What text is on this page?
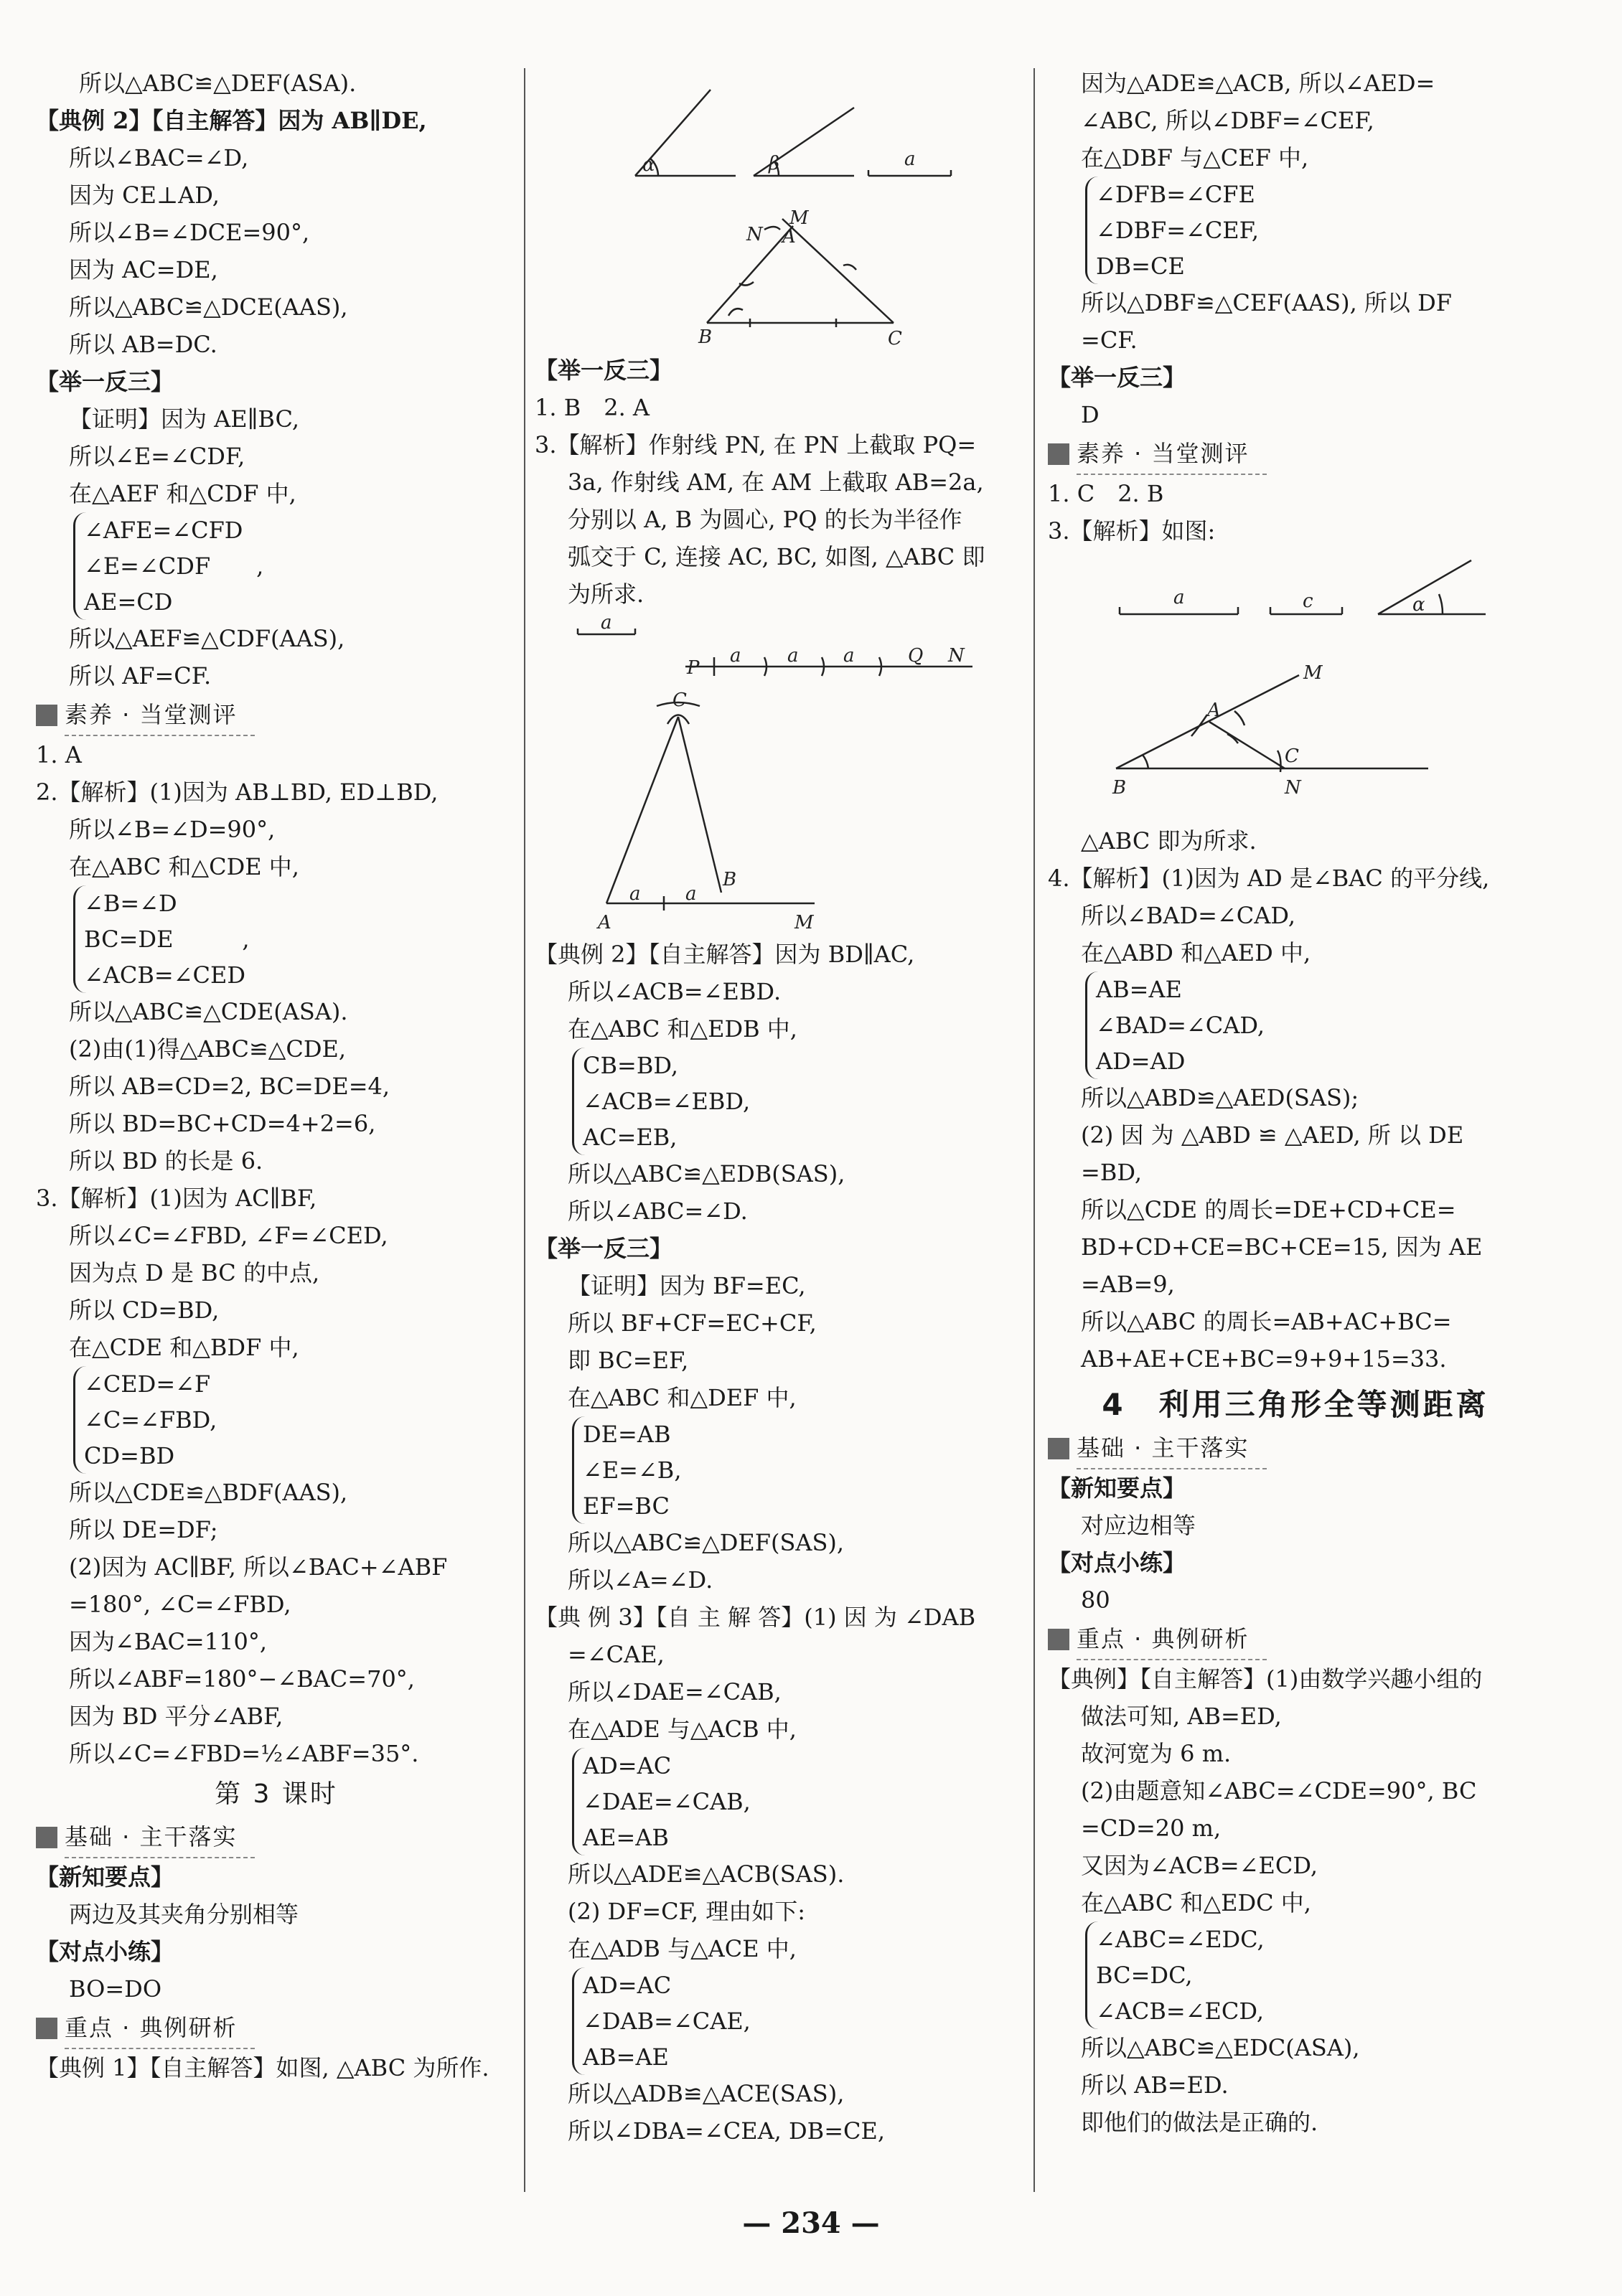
所以△ABC≌△DEF(ASA).
【典例 2】【自主解答】因为 AB∥DE,
所以∠BAC=∠D,
因为 CE⊥AD,
所以∠B=∠DCE=90°,
因为 AC=DE,
所以△ABC≌△DCE(AAS),
所以 AB=DC.
【举一反三】
【证明】因为 AE∥BC,
所以∠E=∠CDF,
在△AEF 和△CDF 中,
∠AFE=∠CFD
∠E=∠CDF　　,
AE=CD
所以△AEF≌△CDF(AAS),
所以 AF=CF.
素养 · 当堂测评
1. A
2.【解析】(1)因为 AB⊥BD, ED⊥BD,
所以∠B=∠D=90°,
在△ABC 和△CDE 中,
∠B=∠D
BC=DE　　　,
∠ACB=∠CED
所以△ABC≌△CDE(ASA).
(2)由(1)得△ABC≌△CDE,
所以 AB=CD=2, BC=DE=4,
所以 BD=BC+CD=4+2=6,
所以 BD 的长是 6.
3.【解析】(1)因为 AC∥BF,
所以∠C=∠FBD, ∠F=∠CED,
因为点 D 是 BC 的中点,
所以 CD=BD,
在△CDE 和△BDF 中,
∠CED=∠F
∠C=∠FBD,
CD=BD
所以△CDE≌△BDF(AAS),
所以 DE=DF;
(2)因为 AC∥BF, 所以∠BAC+∠ABF
=180°, ∠C=∠FBD,
因为∠BAC=110°,
所以∠ABF=180°−∠BAC=70°,
因为 BD 平分∠ABF,
所以∠C=∠FBD=½∠ABF=35°.
第 3 课时
基础 · 主干落实
【新知要点】
两边及其夹角分别相等
【对点小练】
BO=DO
重点 · 典例研析
【典例 1】【自主解答】如图, △ABC 为所作.
α	β	a
M
N A
B	C
【举一反三】
1. B　2. A
3.【解析】作射线 PN, 在 PN 上截取 PQ=
3a, 作射线 AM, 在 AM 上截取 AB=2a,
分别以 A, B 为圆心, PQ 的长为半径作
弧交于 C, 连接 AC, BC, 如图, △ABC 即
为所求.
a
P
a a a	Q N
C
A
a a
B
M
【典例 2】【自主解答】因为 BD∥AC,
所以∠ACB=∠EBD.
在△ABC 和△EDB 中,
CB=BD,
∠ACB=∠EBD,
AC=EB,
所以△ABC≌△EDB(SAS),
所以∠ABC=∠D.
【举一反三】
【证明】因为 BF=EC,
所以 BF+CF=EC+CF,
即 BC=EF,
在△ABC 和△DEF 中,
DE=AB
∠E=∠B,
EF=BC
所以△ABC≌△DEF(SAS),
所以∠A=∠D.
【典 例 3】【自 主 解 答】(1) 因 为 ∠DAB
=∠CAE,
所以∠DAE=∠CAB,
在△ADE 与△ACB 中,
AD=AC
∠DAE=∠CAB,
AE=AB
所以△ADE≌△ACB(SAS).
(2) DF=CF, 理由如下:
在△ADB 与△ACE 中,
AD=AC
∠DAB=∠CAE,
AB=AE
所以△ADB≌△ACE(SAS),
所以∠DBA=∠CEA, DB=CE,
因为△ADE≌△ACB, 所以∠AED=
∠ABC, 所以∠DBF=∠CEF,
在△DBF 与△CEF 中,
∠DFB=∠CFE
∠DBF=∠CEF,
DB=CE
所以△DBF≌△CEF(AAS), 所以 DF
=CF.
【举一反三】
D
素养 · 当堂测评
1. C　2. B
3.【解析】如图:
a	c	α
M
A
B
C
N
△ABC 即为所求.
4.【解析】(1)因为 AD 是∠BAC 的平分线,
所以∠BAD=∠CAD,
在△ABD 和△AED 中,
AB=AE
∠BAD=∠CAD,
AD=AD
所以△ABD≌△AED(SAS);
(2) 因 为 △ABD ≌ △AED, 所 以 DE
=BD,
所以△CDE 的周长=DE+CD+CE=
BD+CD+CE=BC+CE=15, 因为 AE
=AB=9,
所以△ABC 的周长=AB+AC+BC=
AB+AE+CE+BC=9+9+15=33.
4　利用三角形全等测距离
基础 · 主干落实
【新知要点】
对应边相等
【对点小练】
80
重点 · 典例研析
【典例】【自主解答】(1)由数学兴趣小组的
做法可知, AB=ED,
故河宽为 6 m.
(2)由题意知∠ABC=∠CDE=90°, BC
=CD=20 m,
又因为∠ACB=∠ECD,
在△ABC 和△EDC 中,
∠ABC=∠EDC,
BC=DC,
∠ACB=∠ECD,
所以△ABC≌△EDC(ASA),
所以 AB=ED.
即他们的做法是正确的.
— 234 —
